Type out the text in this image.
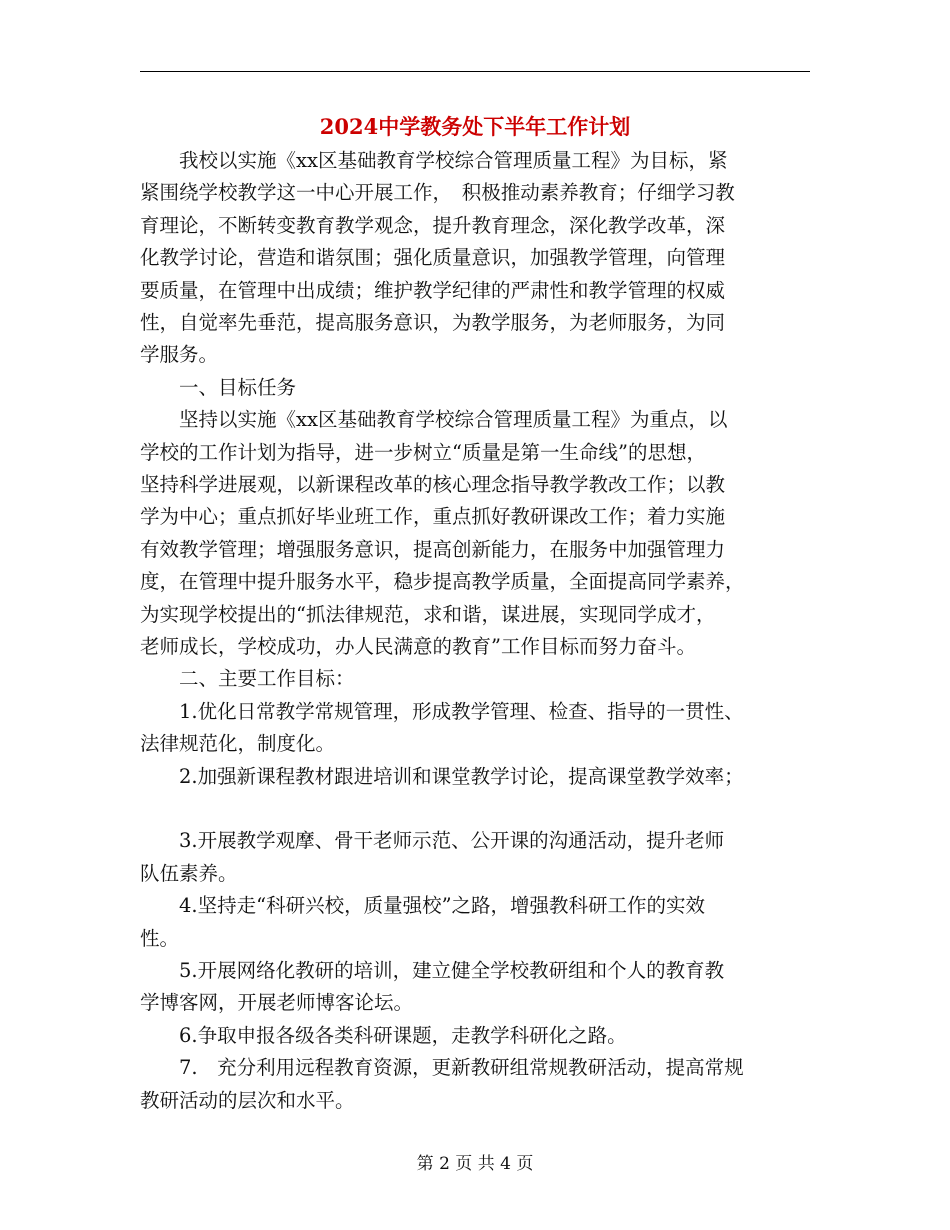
2024中学教务处下半年工作计划
　　我校以实施《xx区基础教育学校综合管理质量工程》为目标，紧
紧围绕学校教学这一中心开展工作，　积极推动素养教育；仔细学习教
育理论，不断转变教育教学观念，提升教育理念，深化教学改革，深
化教学讨论，营造和谐氛围；强化质量意识，加强教学管理，向管理
要质量，在管理中出成绩；维护教学纪律的严肃性和教学管理的权威
性，自觉率先垂范，提高服务意识，为教学服务，为老师服务，为同
学服务。
　　一、目标任务
　　坚持以实施《xx区基础教育学校综合管理质量工程》为重点，以
学校的工作计划为指导，进一步树立“质量是第一生命线”的思想，
坚持科学进展观，以新课程改革的核心理念指导教学教改工作；以教
学为中心；重点抓好毕业班工作，重点抓好教研课改工作；着力实施
有效教学管理；增强服务意识，提高创新能力，在服务中加强管理力
度，在管理中提升服务水平，稳步提高教学质量，全面提高同学素养，
为实现学校提出的“抓法律规范，求和谐，谋进展，实现同学成才，
老师成长，学校成功，办人民满意的教育”工作目标而努力奋斗。
　　二、主要工作目标：
　　1.优化日常教学常规管理，形成教学管理、检查、指导的一贯性、
法律规范化，制度化。
　　2.加强新课程教材跟进培训和课堂教学讨论，提高课堂教学效率；
　　3.开展教学观摩、骨干老师示范、公开课的沟通活动，提升老师
队伍素养。
　　4.坚持走“科研兴校，质量强校”之路，增强教科研工作的实效
性。
　　5.开展网络化教研的培训，建立健全学校教研组和个人的教育教
学博客网，开展老师博客论坛。
　　6.争取申报各级各类科研课题，走教学科研化之路。
　　7.　充分利用远程教育资源，更新教研组常规教研活动，提高常规
教研活动的层次和水平。
第 2 页 共 4 页
